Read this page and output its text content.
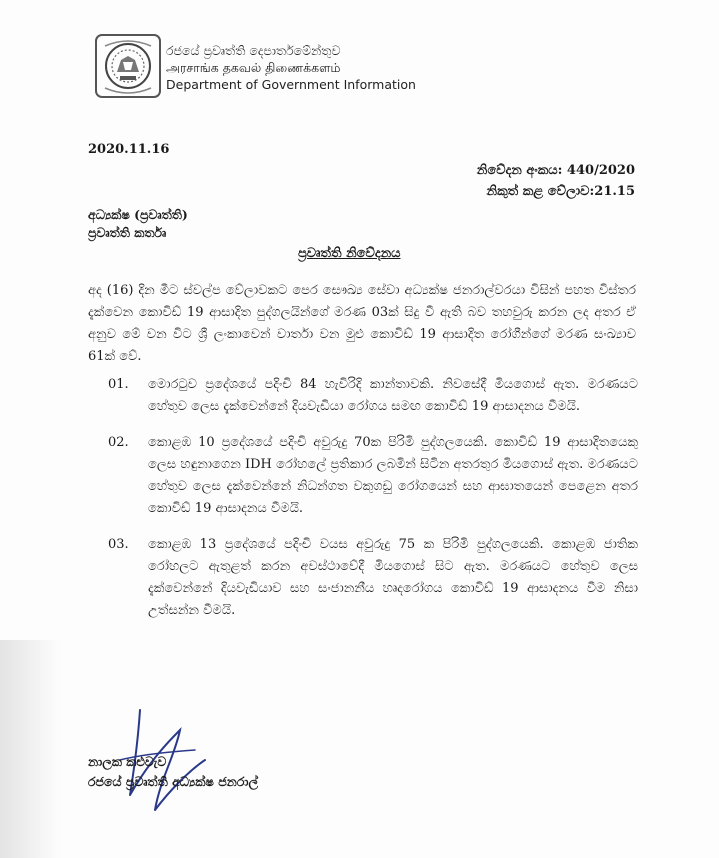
රජයේ ප්‍රවෘත්ති දෙපාර්තමේන්තුව
அரசாங்க தகவல் திணைக்களம்
Department of Government Information
2020.11.16
නිවේදන අංකය: 440/2020
නිකුත් කළ වේලාව:21.15
අධ්‍යක්ෂ (ප්‍රවෘත්ති)
ප්‍රවෘත්ති කර්තෘ
ප්‍රවෘත්ති නිවේදනය
අද (16) දින මීට ස්වල්ප වේලාවකට පෙර සෞඛ්‍ය සේවා අධ්‍යක්ෂ ජනරාල්වරයා විසින් පහත විස්තර දැක්වෙන කොවිඩ් 19 ආසාදිත පුද්ගලයින්ගේ මරණ 03ක් සිදු වී ඇති බව තහවුරු කරන ලද අතර ඒ අනුව මේ වන විට ශ්‍රී ලංකාවෙන් වාර්තා වන මුළු කොවිඩ් 19 ආසාදිත රෝගීන්ගේ මරණ සංඛ්‍යාව 61ක් වේ.
01.	මොරටුව ප්‍රදේශයේ පදිංචි 84 හැවිරිදි කාන්තාවකි. නිවසේදී මියගොස් ඇත. මරණයට හේතුව ලෙස දැක්වෙන්නේ දියවැඩියා රෝගය සමඟ කොවිඩ් 19 ආසාදනය වීමයි.
02.	කොළඹ 10 ප්‍රදේශයේ පදිංචි අවුරුදු 70ක පිරිමි පුද්ගලයෙකි. කොවිඩ් 19 ආසාදිතයෙකු ලෙස හඳුනාගෙන IDH රෝහලේ ප්‍රතිකාර ලබමින් සිටින අතරතුර මියගොස් ඇත. මරණයට හේතුව ලෙස දැක්වෙන්නේ නිධන්ගත වකුගඩු රෝගයෙන් සහ ආඝාතයෙන් පෙළෙන අතර කොවිඩ් 19 ආසාදනය වීමයි.
03.	කොළඹ 13 ප්‍රදේශයේ පදිංචි වයස අවුරුදු 75 ක පිරිමි පුද්ගලයෙකි. කොළඹ ජාතික රෝහලට ඇතුළත් කරන අවස්ථාවේදී මියගොස් සිට ඇත. මරණයට හේතුව ලෙස දැක්වෙන්නේ දියවැඩියාව සහ සංජානනීය හෘදරෝගය කොවිඩ් 19 ආසාදනය වීම නිසා උත්සන්න වීමයි.
නාලක කළුවැව
රජයේ ප්‍රවෘත්ති අධ්‍යක්ෂ ජනරාල්
